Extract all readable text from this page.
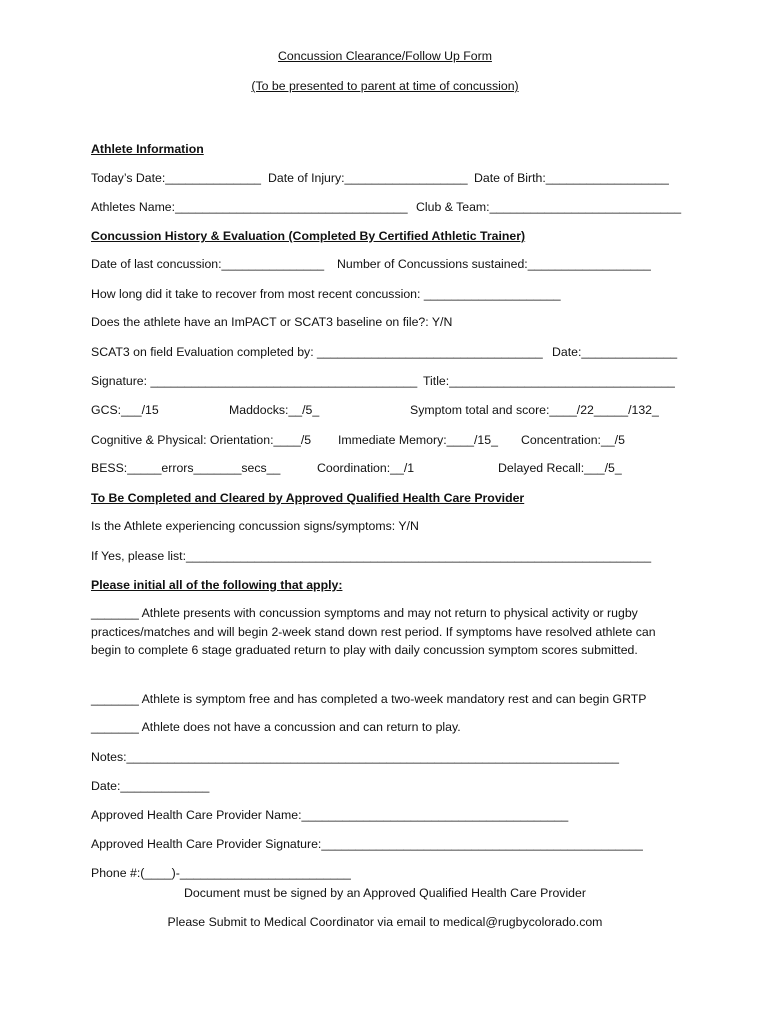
Concussion Clearance/Follow Up Form
(To be presented to parent at time of concussion)
Athlete Information
Today’s Date:______________ Date of Injury:__________________ Date of Birth:__________________
Athletes Name:__________________________________ Club & Team:____________________________
Concussion History & Evaluation (Completed By Certified Athletic Trainer)
Date of last concussion:_______________ Number of Concussions sustained:__________________
How long did it take to recover from most recent concussion: ____________________
Does the athlete have an ImPACT or SCAT3 baseline on file?: Y/N
SCAT3 on field Evaluation completed by: _________________________________ Date:______________
Signature: _______________________________________ Title:_________________________________
GCS:___/15	Maddocks:__/5_	Symptom total and score:____/22_____/132_
Cognitive & Physical: Orientation:____/5 Immediate Memory:____/15_ Concentration:__/5
BESS:_____errors_______secs__	Coordination:__/1	Delayed Recall:___/5_
To Be Completed and Cleared by Approved Qualified Health Care Provider
Is the Athlete experiencing concussion signs/symptoms: Y/N
If Yes, please list:____________________________________________________________________
Please initial all of the following that apply:
_______ Athlete presents with concussion symptoms and may not return to physical activity or rugby practices/matches and will begin 2-week stand down rest period. If symptoms have resolved athlete can begin to complete 6 stage graduated return to play with daily concussion symptom scores submitted.
_______ Athlete is symptom free and has completed a two-week mandatory rest and can begin GRTP
_______ Athlete does not have a concussion and can return to play.
Notes:________________________________________________________________________
Date:_____________
Approved Health Care Provider Name:_______________________________________
Approved Health Care Provider Signature:_______________________________________________
Phone #:(____)-_________________________
Document must be signed by an Approved Qualified Health Care Provider
Please Submit to Medical Coordinator via email to medical@rugbycolorado.com
